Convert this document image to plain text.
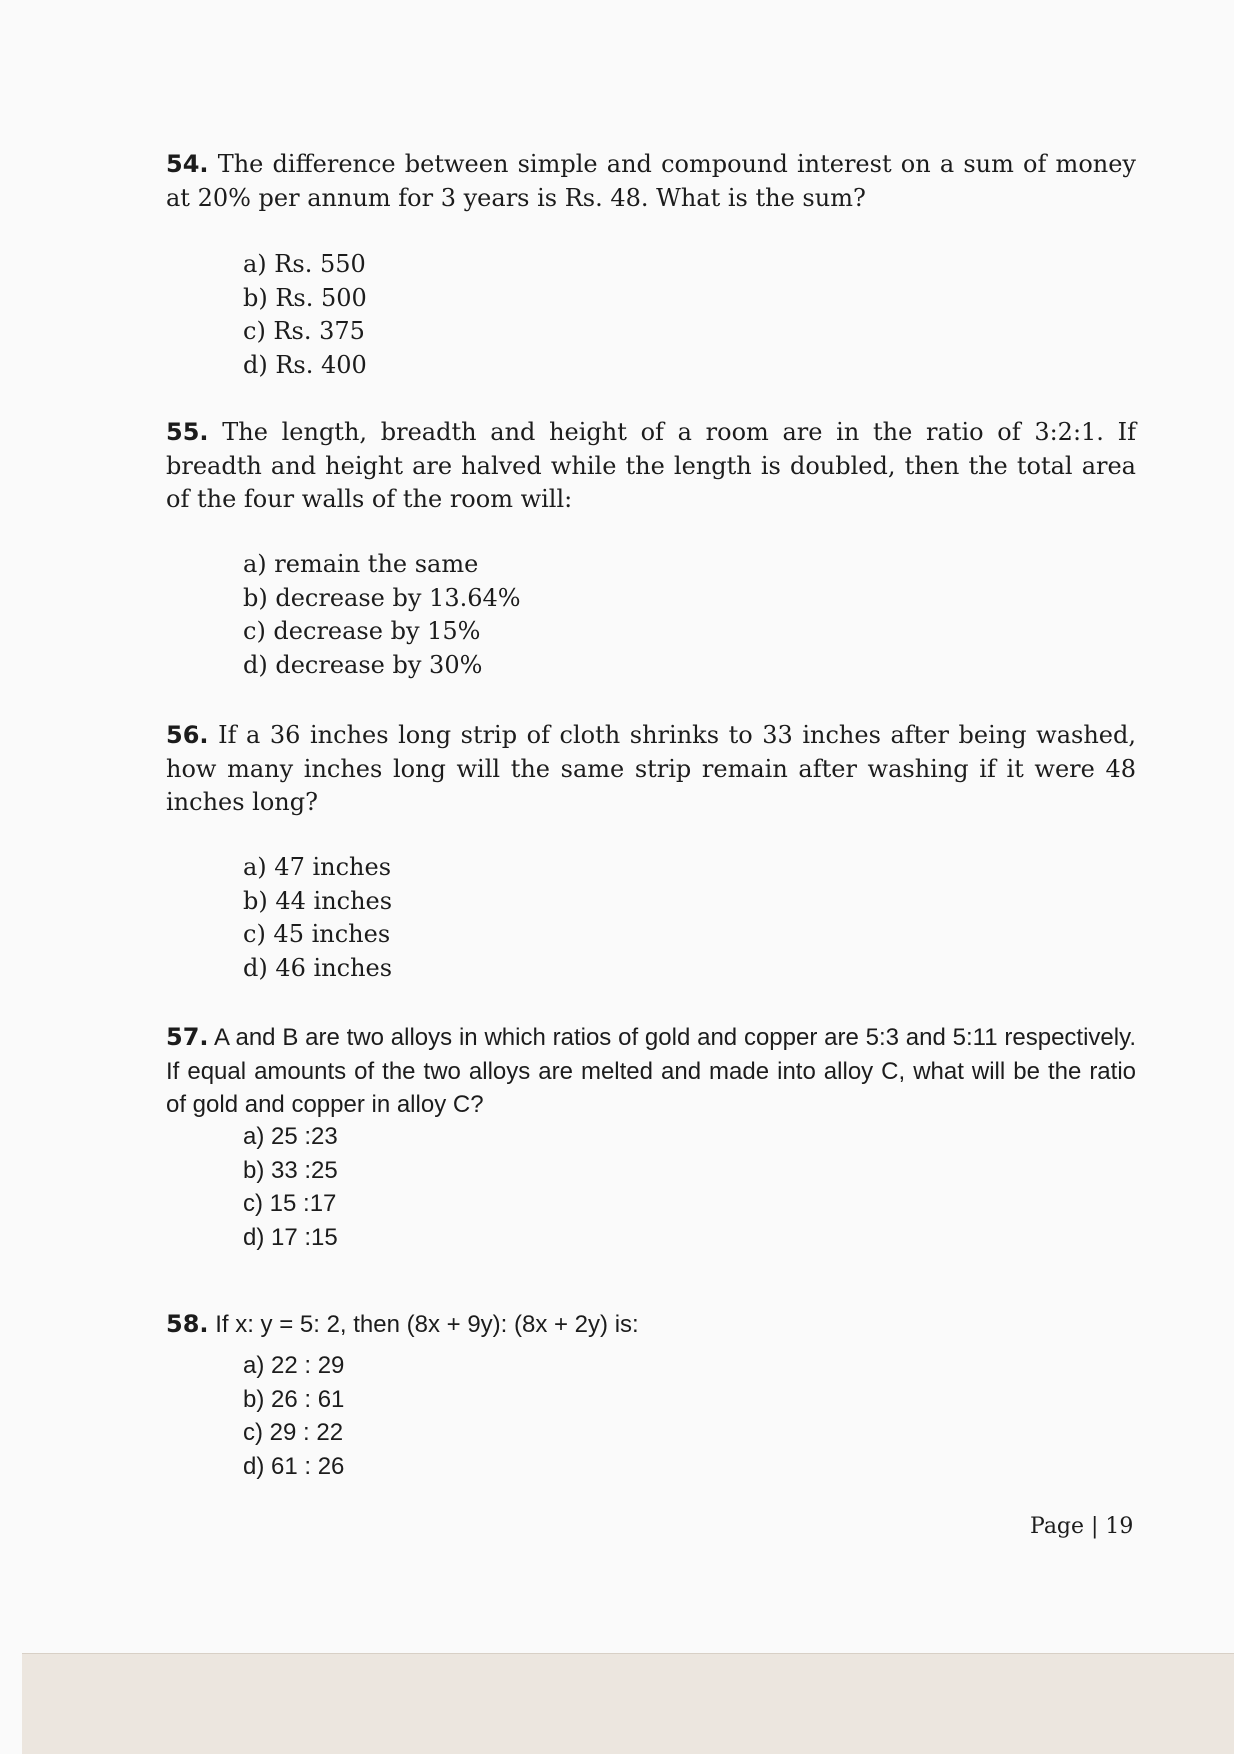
54. The difference between simple and compound interest on a sum of money at 20% per annum for 3 years is Rs. 48. What is the sum?
a) Rs. 550
b) Rs. 500
c) Rs. 375
d) Rs. 400
55. The length, breadth and height of a room are in the ratio of 3:2:1. If breadth and height are halved while the length is doubled, then the total area of the four walls of the room will:
a) remain the same
b) decrease by 13.64%
c) decrease by 15%
d) decrease by 30%
56. If a 36 inches long strip of cloth shrinks to 33 inches after being washed, how many inches long will the same strip remain after washing if it were 48 inches long?
a) 47 inches
b) 44 inches
c) 45 inches
d) 46 inches
57. A and B are two alloys in which ratios of gold and copper are 5:3 and 5:11 respectively. If equal amounts of the two alloys are melted and made into alloy C, what will be the ratio of gold and copper in alloy C?
a) 25 :23
b) 33 :25
c) 15 :17
d) 17 :15
58. If x: y = 5: 2, then (8x + 9y): (8x + 2y) is:
a) 22 : 29
b) 26 : 61
c) 29 : 22
d) 61 : 26
Page | 19
